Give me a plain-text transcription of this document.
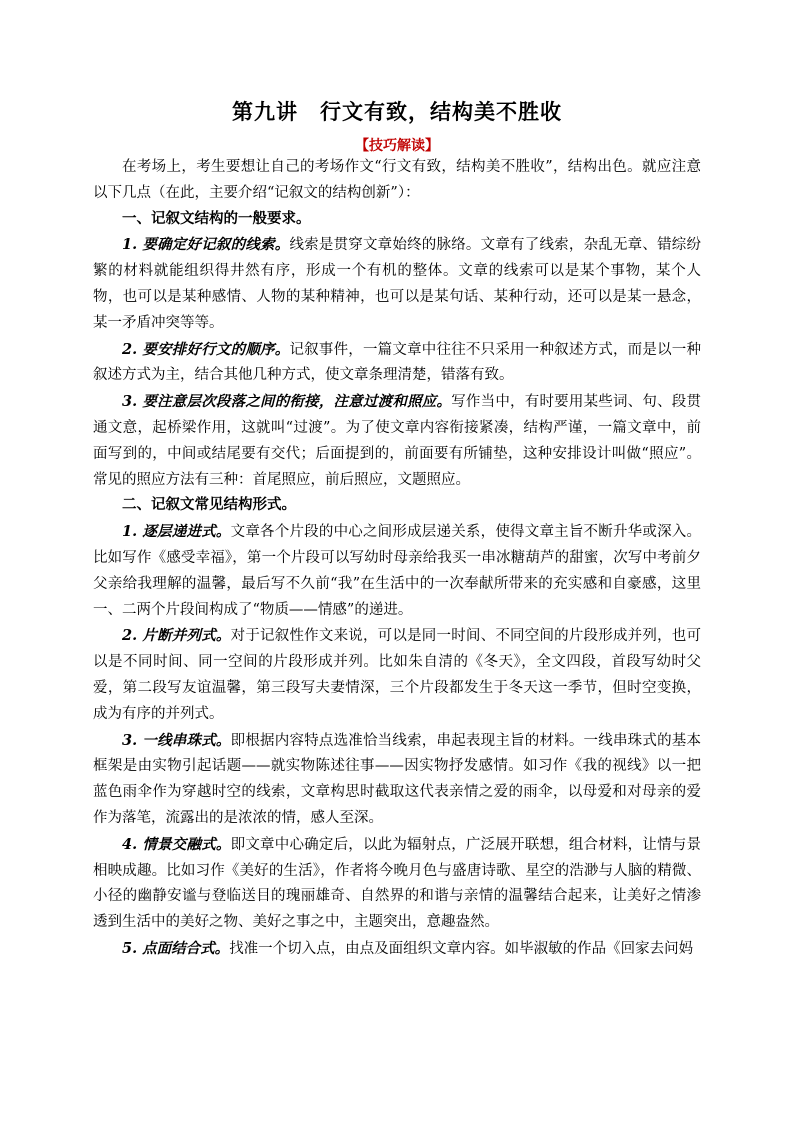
第九讲　行文有致，结构美不胜收
【技巧解读】

在考场上，考生要想让自己的考场作文“行文有致，结构美不胜收”，结构出色。就应注意以下几点（在此，主要介绍“记叙文的结构创新”）：

一、记叙文结构的一般要求。

1. 要确定好记叙的线索。线索是贯穿文章始终的脉络。文章有了线索，杂乱无章、错综纷繁的材料就能组织得井然有序，形成一个有机的整体。文章的线索可以是某个事物，某个人物，也可以是某种感情、人物的某种精神，也可以是某句话、某种行动，还可以是某一悬念，某一矛盾冲突等等。

2. 要安排好行文的顺序。记叙事件，一篇文章中往往不只采用一种叙述方式，而是以一种叙述方式为主，结合其他几种方式，使文章条理清楚，错落有致。

3. 要注意层次段落之间的衔接，注意过渡和照应。写作当中，有时要用某些词、句、段贯通文意，起桥梁作用，这就叫“过渡”。为了使文章内容衔接紧凑，结构严谨，一篇文章中，前面写到的，中间或结尾要有交代；后面提到的，前面要有所铺垫，这种安排设计叫做“照应”。常见的照应方法有三种：首尾照应，前后照应，文题照应。

二、记叙文常见结构形式。

1. 逐层递进式。文章各个片段的中心之间形成层递关系，使得文章主旨不断升华或深入。比如写作《感受幸福》，第一个片段可以写幼时母亲给我买一串冰糖葫芦的甜蜜，次写中考前夕父亲给我理解的温馨，最后写不久前“我”在生活中的一次奉献所带来的充实感和自豪感，这里一、二两个片段间构成了“物质——情感”的递进。

2. 片断并列式。对于记叙性作文来说，可以是同一时间、不同空间的片段形成并列，也可以是不同时间、同一空间的片段形成并列。比如朱自清的《冬天》，全文四段，首段写幼时父爱，第二段写友谊温馨，第三段写夫妻情深，三个片段都发生于冬天这一季节，但时空变换，成为有序的并列式。

3. 一线串珠式。即根据内容特点选准恰当线索，串起表现主旨的材料。一线串珠式的基本框架是由实物引起话题——就实物陈述往事——因实物抒发感情。如习作《我的视线》以一把蓝色雨伞作为穿越时空的线索，文章构思时截取这代表亲情之爱的雨伞，以母爱和对母亲的爱作为落笔，流露出的是浓浓的情，感人至深。

4. 情景交融式。即文章中心确定后，以此为辐射点，广泛展开联想，组合材料，让情与景相映成趣。比如习作《美好的生活》，作者将今晚月色与盛唐诗歌、星空的浩渺与人脑的精微、小径的幽静安谧与登临送目的瑰丽雄奇、自然界的和谐与亲情的温馨结合起来，让美好之情渗透到生活中的美好之物、美好之事之中，主题突出，意趣盎然。

5. 点面结合式。找准一个切入点，由点及面组织文章内容。如毕淑敏的作品《回家去问妈
